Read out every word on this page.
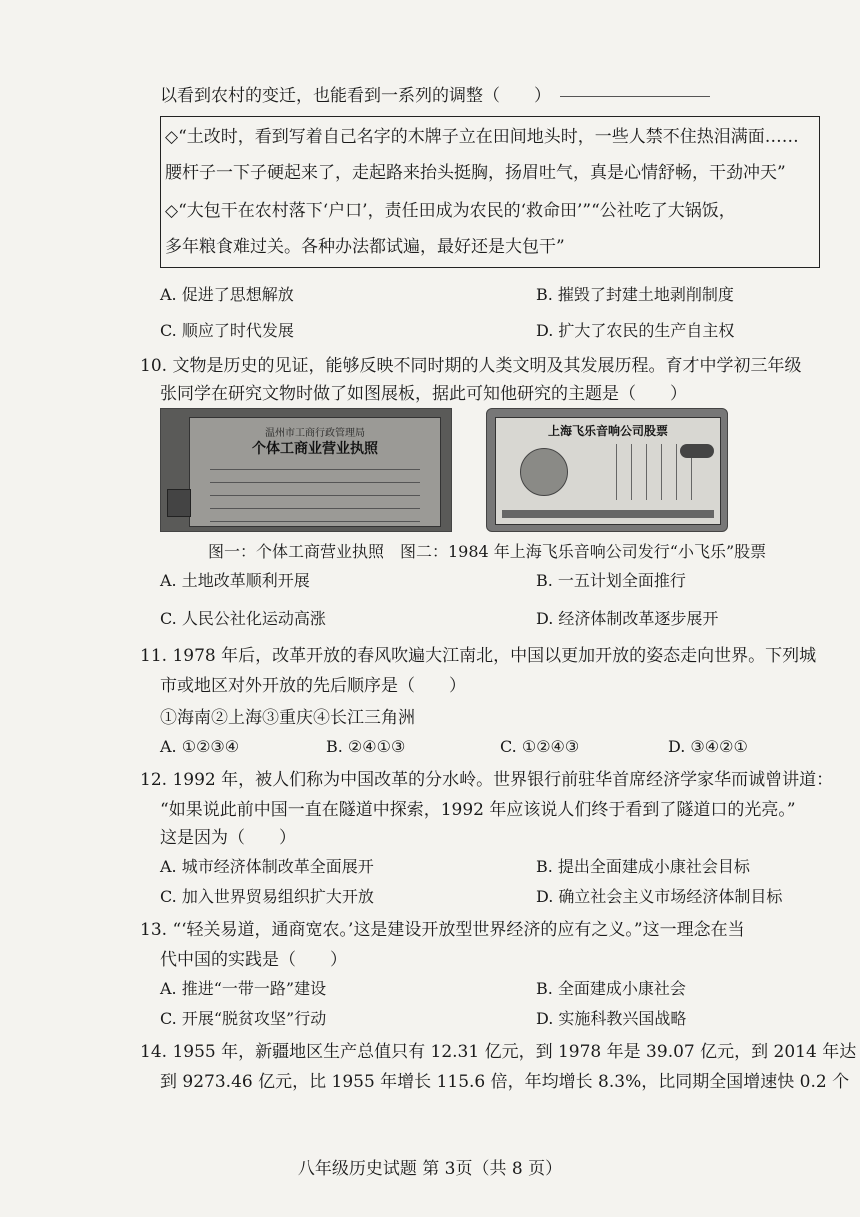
以看到农村的变迁，也能看到一系列的调整（　　）
◇“土改时，看到写着自己名字的木牌子立在田间地头时，一些人禁不住热泪满面……
腰杆子一下子硬起来了，走起路来抬头挺胸，扬眉吐气，真是心情舒畅，干劲冲天”
◇“大包干在农村落下‘户口’，责任田成为农民的‘救命田’”“公社吃了大锅饭，
多年粮食难过关。各种办法都试遍，最好还是大包干”
A. 促进了思想解放	B. 摧毁了封建土地剥削制度
C. 顺应了时代发展	D. 扩大了农民的生产自主权
10. 文物是历史的见证，能够反映不同时期的人类文明及其发展历程。育才中学初三年级
张同学在研究文物时做了如图展板，据此可知他研究的主题是（　　）
温州市工商行政管理局
个体工商业营业执照
上海飞乐音响公司股票
图一：个体工商营业执照　图二：1984 年上海飞乐音响公司发行“小飞乐”股票
A. 土地改革顺利开展	B. 一五计划全面推行
C. 人民公社化运动高涨	D. 经济体制改革逐步展开
11. 1978 年后，改革开放的春风吹遍大江南北，中国以更加开放的姿态走向世界。下列城
市或地区对外开放的先后顺序是（　　）
①海南②上海③重庆④长江三角洲
A. ①②③④	B. ②④①③	C. ①②④③	D. ③④②①
12. 1992 年，被人们称为中国改革的分水岭。世界银行前驻华首席经济学家华而诚曾讲道：
“如果说此前中国一直在隧道中探索，1992 年应该说人们终于看到了隧道口的光亮。”
这是因为（　　）
A. 城市经济体制改革全面展开	B. 提出全面建成小康社会目标
C. 加入世界贸易组织扩大开放	D. 确立社会主义市场经济体制目标
13. “‘轻关易道，通商宽农。’这是建设开放型世界经济的应有之义。”这一理念在当
代中国的实践是（　　）
A. 推进“一带一路”建设	B. 全面建成小康社会
C. 开展“脱贫攻坚”行动	D. 实施科教兴国战略
14. 1955 年，新疆地区生产总值只有 12.31 亿元，到 1978 年是 39.07 亿元，到 2014 年达
到 9273.46 亿元，比 1955 年增长 115.6 倍，年均增长 8.3%，比同期全国增速快 0.2 个
八年级历史试题 第 3页（共 8 页）
